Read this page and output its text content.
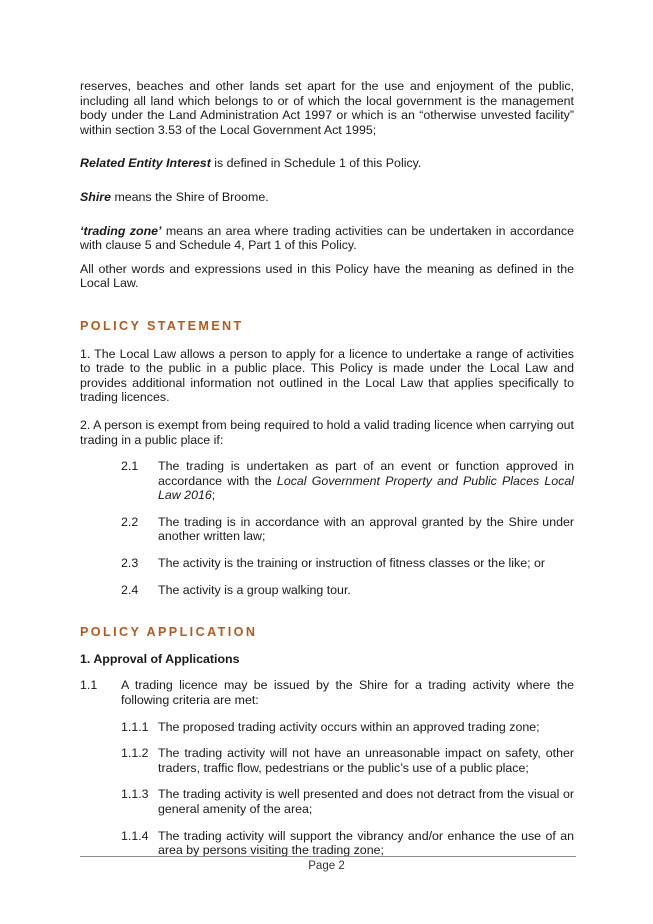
reserves, beaches and other lands set apart for the use and enjoyment of the public, including all land which belongs to or of which the local government is the management body under the Land Administration Act 1997 or which is an “otherwise unvested facility” within section 3.53 of the Local Government Act 1995;

Related Entity Interest is defined in Schedule 1 of this Policy.

Shire means the Shire of Broome.

‘trading zone’ means an area where trading activities can be undertaken in accordance with clause 5 and Schedule 4, Part 1 of this Policy.

All other words and expressions used in this Policy have the meaning as defined in the Local Law.

POLICY STATEMENT

1. The Local Law allows a person to apply for a licence to undertake a range of activities to trade to the public in a public place. This Policy is made under the Local Law and provides additional information not outlined in the Local Law that applies specifically to trading licences.

2. A person is exempt from being required to hold a valid trading licence when carrying out trading in a public place if:

2.1	The trading is undertaken as part of an event or function approved in accordance with the Local Government Property and Public Places Local Law 2016;
2.2	The trading is in accordance with an approval granted by the Shire under another written law;
2.3	The activity is the training or instruction of fitness classes or the like; or
2.4	The activity is a group walking tour.
POLICY APPLICATION

1. Approval of Applications

1.1	A trading licence may be issued by the Shire for a trading activity where the following criteria are met:
1.1.1 The proposed trading activity occurs within an approved trading zone;
1.1.2 The trading activity will not have an unreasonable impact on safety, other traders, traffic flow, pedestrians or the public’s use of a public place;
1.1.3 The trading activity is well presented and does not detract from the visual or general amenity of the area;
1.1.4 The trading activity will support the vibrancy and/or enhance the use of an area by persons visiting the trading zone;
Page 2
